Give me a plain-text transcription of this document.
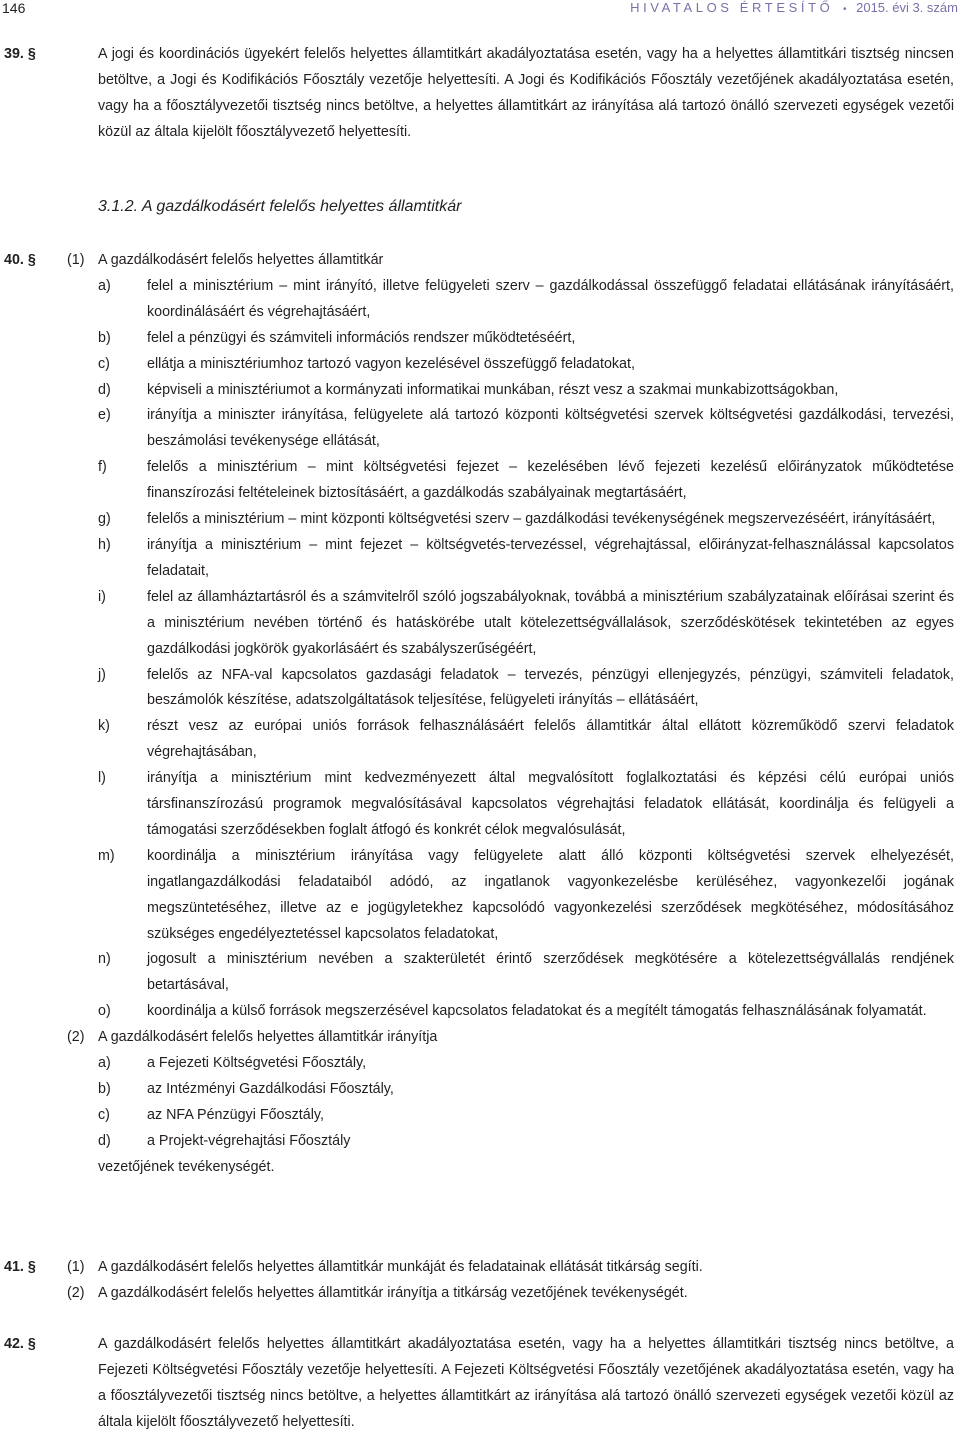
146	HIVATALOS ÉRTESÍTŐ • 2015. évi 3. szám
39. §	A jogi és koordinációs ügyekért felelős helyettes államtitkárt akadályoztatása esetén, vagy ha a helyettes államtitkári tisztség nincsen betöltve, a Jogi és Kodifikációs Főosztály vezetője helyettesíti. A Jogi és Kodifikációs Főosztály vezetőjének akadályoztatása esetén, vagy ha a főosztályvezetői tisztség nincs betöltve, a helyettes államtitkárt az irányítása alá tartozó önálló szervezeti egységek vezetői közül az általa kijelölt főosztályvezető helyettesíti.
3.1.2. A gazdálkodásért felelős helyettes államtitkár
40. § (1) A gazdálkodásért felelős helyettes államtitkár
a)	felel a minisztérium – mint irányító, illetve felügyeleti szerv – gazdálkodással összefüggő feladatai ellátásának irányításáért, koordinálásáért és végrehajtásáért,
b)	felel a pénzügyi és számviteli információs rendszer működtetéséért,
c)	ellátja a minisztériumhoz tartozó vagyon kezelésével összefüggő feladatokat,
d)	képviseli a minisztériumot a kormányzati informatikai munkában, részt vesz a szakmai munkabizottságokban,
e)	irányítja a miniszter irányítása, felügyelete alá tartozó központi költségvetési szervek költségvetési gazdálkodási, tervezési, beszámolási tevékenysége ellátását,
f)	felelős a minisztérium – mint költségvetési fejezet – kezelésében lévő fejezeti kezelésű előirányzatok működtetése finanszírozási feltételeinek biztosításáért, a gazdálkodás szabályainak megtartásáért,
g)	felelős a minisztérium – mint központi költségvetési szerv – gazdálkodási tevékenységének megszervezéséért, irányításáért,
h)	irányítja a minisztérium – mint fejezet – költségvetés-tervezéssel, végrehajtással, előirányzat-felhasználással kapcsolatos feladatait,
i)	felel az államháztartásról és a számvitelről szóló jogszabályoknak, továbbá a minisztérium szabályzatainak előírásai szerint és a minisztérium nevében történő és hatáskörébe utalt kötelezettségvállalások, szerződéskötések tekintetében az egyes gazdálkodási jogkörök gyakorlásáért és szabályszerűségéért,
j)	felelős az NFA-val kapcsolatos gazdasági feladatok – tervezés, pénzügyi ellenjegyzés, pénzügyi, számviteli feladatok, beszámolók készítése, adatszolgáltatások teljesítése, felügyeleti irányítás – ellátásáért,
k)	részt vesz az európai uniós források felhasználásáért felelős államtitkár által ellátott közreműködő szervi feladatok végrehajtásában,
l)	irányítja a minisztérium mint kedvezményezett által megvalósított foglalkoztatási és képzési célú európai uniós társfinanszírozású programok megvalósításával kapcsolatos végrehajtási feladatok ellátását, koordinálja és felügyeli a támogatási szerződésekben foglalt átfogó és konkrét célok megvalósulását,
m) koordinálja a minisztérium irányítása vagy felügyelete alatt álló központi költségvetési szervek elhelyezését, ingatlangazdálkodási feladataiból adódó, az ingatlanok vagyonkezelésbe kerüléséhez, vagyonkezelői jogának megszüntetéséhez, illetve az e jogügyletekhez kapcsolódó vagyonkezelési szerződések megkötéséhez, módosításához szükséges engedélyeztetéssel kapcsolatos feladatokat,
n)	jogosult a minisztérium nevében a szakterületét érintő szerződések megkötésére a kötelezettségvállalás rendjének betartásával,
o)	koordinálja a külső források megszerzésével kapcsolatos feladatokat és a megítélt támogatás felhasználásának folyamatát.
(2) A gazdálkodásért felelős helyettes államtitkár irányítja
a)	a Fejezeti Költségvetési Főosztály,
b)	az Intézményi Gazdálkodási Főosztály,
c)	az NFA Pénzügyi Főosztály,
d)	a Projekt-végrehajtási Főosztály
vezetőjének tevékenységét.
41. § (1) A gazdálkodásért felelős helyettes államtitkár munkáját és feladatainak ellátását titkárság segíti.
(2) A gazdálkodásért felelős helyettes államtitkár irányítja a titkárság vezetőjének tevékenységét.
42. §	A gazdálkodásért felelős helyettes államtitkárt akadályoztatása esetén, vagy ha a helyettes államtitkári tisztség nincs betöltve, a Fejezeti Költségvetési Főosztály vezetője helyettesíti. A Fejezeti Költségvetési Főosztály vezetőjének akadályoztatása esetén, vagy ha a főosztályvezetői tisztség nincs betöltve, a helyettes államtitkárt az irányítása alá tartozó önálló szervezeti egységek vezetői közül az általa kijelölt főosztályvezető helyettesíti.
